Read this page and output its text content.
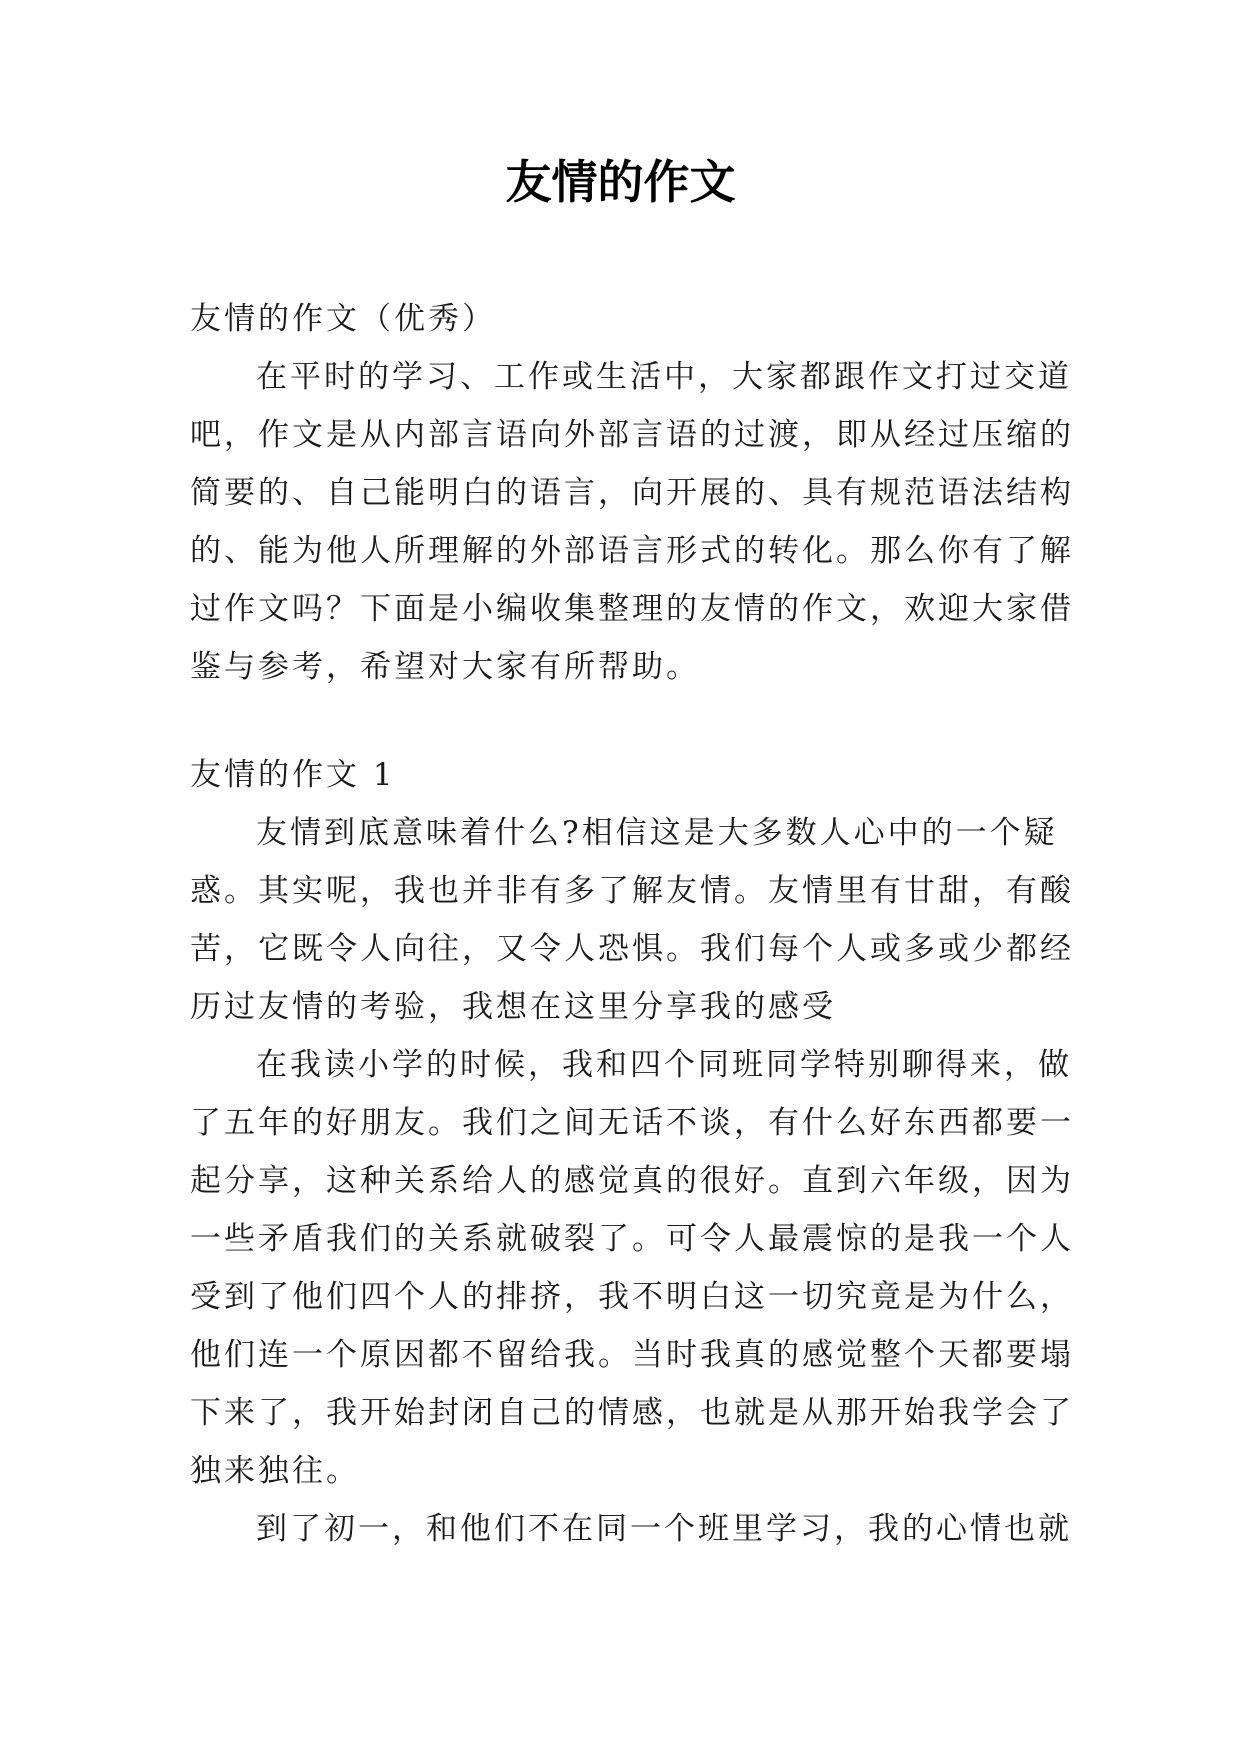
友情的作文

友情的作文（优秀）

在平时的学习、工作或生活中，大家都跟作文打过交道

吧，作文是从内部言语向外部言语的过渡，即从经过压缩的

简要的、自己能明白的语言，向开展的、具有规范语法结构

的、能为他人所理解的外部语言形式的转化。那么你有了解

过作文吗？下面是小编收集整理的友情的作文，欢迎大家借

鉴与参考，希望对大家有所帮助。

友情的作文 1

友情到底意味着什么?相信这是大多数人心中的一个疑

惑。其实呢，我也并非有多了解友情。友情里有甘甜，有酸

苦，它既令人向往，又令人恐惧。我们每个人或多或少都经

历过友情的考验，我想在这里分享我的感受

在我读小学的时候，我和四个同班同学特别聊得来，做

了五年的好朋友。我们之间无话不谈，有什么好东西都要一

起分享，这种关系给人的感觉真的很好。直到六年级，因为

一些矛盾我们的关系就破裂了。可令人最震惊的是我一个人

受到了他们四个人的排挤，我不明白这一切究竟是为什么，

他们连一个原因都不留给我。当时我真的感觉整个天都要塌

下来了，我开始封闭自己的情感，也就是从那开始我学会了

独来独往。

到了初一，和他们不在同一个班里学习，我的心情也就
